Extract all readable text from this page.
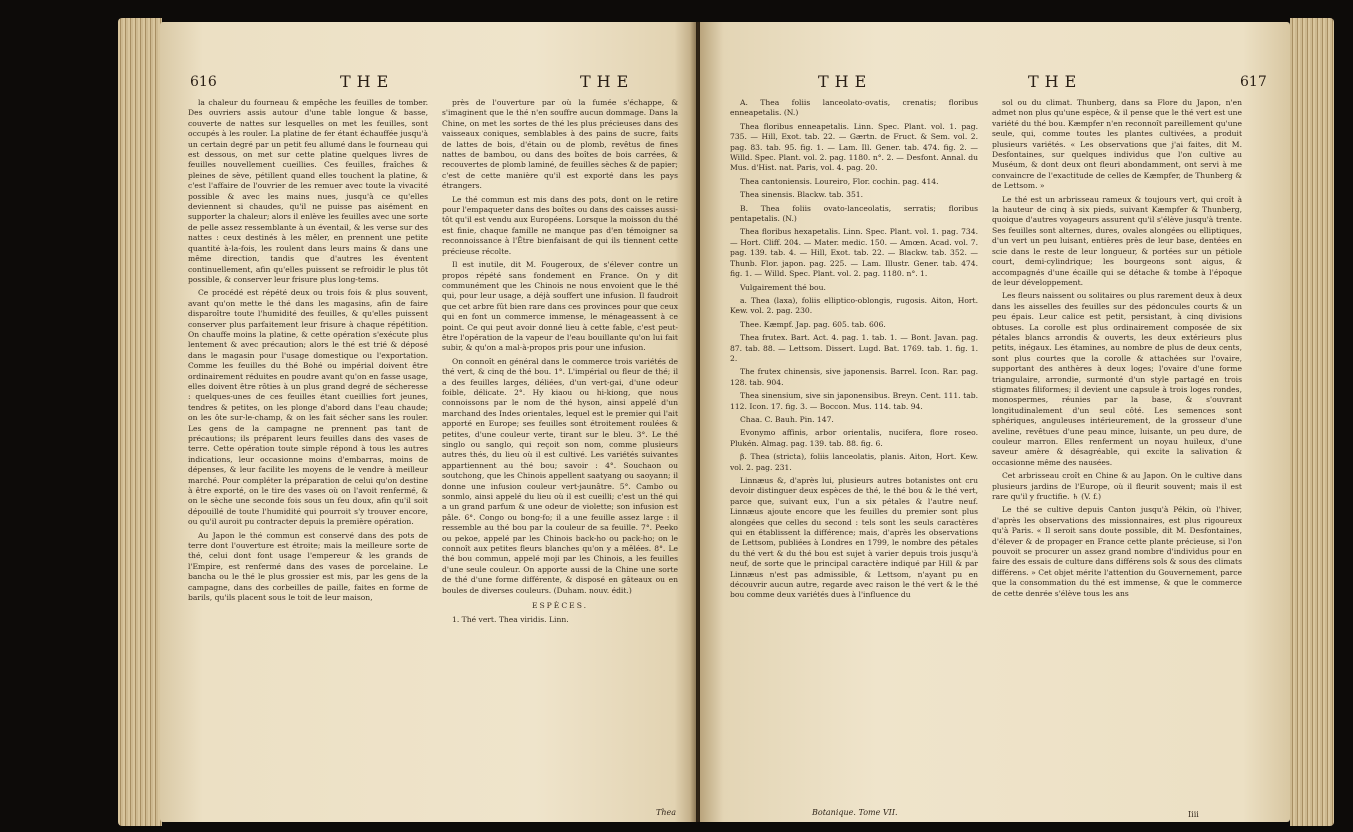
616	THE	THE

la chaleur du fourneau & empêche les feuilles de tomber. Des ouvriers assis autour d'une table longue & basse, couverte de nattes sur lesquelles on met les feuilles, sont occupés à les rouler. La platine de fer étant échauffée jusqu'à un certain degré par un petit feu allumé dans le fourneau qui est dessous, on met sur cette platine quelques livres de feuilles nouvellement cueillies. Ces feuilles, fraîches & pleines de sève, pétillent quand elles touchent la platine, & c'est l'affaire de l'ouvrier de les remuer avec toute la vivacité possible & avec les mains nues, jusqu'à ce qu'elles deviennent si chaudes, qu'il ne puisse pas aisément en supporter la chaleur; alors il enlève les feuilles avec une sorte de pelle assez ressemblante à un éventail, & les verse sur des nattes : ceux destinés à les mêler, en prennent une petite quantité à-la-fois, les roulent dans leurs mains & dans une même direction, tandis que d'autres les éventent continuellement, afin qu'elles puissent se refroidir le plus tôt possible, & conserver leur frisure plus long-tems.

Ce procédé est répété deux ou trois fois & plus souvent, avant qu'on mette le thé dans les magasins, afin de faire disparoître toute l'humidité des feuilles, & qu'elles puissent conserver plus parfaitement leur frisure à chaque répétition. On chauffe moins la platine, & cette opération s'exécute plus lentement & avec précaution; alors le thé est trié & déposé dans le magasin pour l'usage domestique ou l'exportation. Comme les feuilles du thé Bohé ou impérial doivent être ordinairement réduites en poudre avant qu'on en fasse usage, elles doivent être rôties à un plus grand degré de sécheresse : quelques-unes de ces feuilles étant cueillies fort jeunes, tendres & petites, on les plonge d'abord dans l'eau chaude; on les ôte sur-le-champ, & on les fait sécher sans les rouler. Les gens de la campagne ne prennent pas tant de précautions; ils préparent leurs feuilles dans des vases de terre. Cette opération toute simple répond à tous les autres indications, leur occasionne moins d'embarras, moins de dépenses, & leur facilite les moyens de le vendre à meilleur marché. Pour compléter la préparation de celui qu'on destine à être exporté, on le tire des vases où on l'avoit renfermé, & on le sèche une seconde fois sous un feu doux, afin qu'il soit dépouillé de toute l'humidité qui pourroit s'y trouver encore, ou qu'il auroit pu contracter depuis la première opération.

Au Japon le thé commun est conservé dans des pots de terre dont l'ouverture est étroite; mais la meilleure sorte de thé, celui dont font usage l'empereur & les grands de l'Empire, est renfermé dans des vases de porcelaine. Le bancha ou le thé le plus grossier est mis, par les gens de la campagne, dans des corbeilles de paille, faites en forme de barils, qu'ils placent sous le toit de leur maison,

près de l'ouverture par où la fumée s'échappe, & s'imaginent que le thé n'en souffre aucun dommage. Dans la Chine, on met les sortes de thé les plus précieuses dans des vaisseaux coniques, semblables à des pains de sucre, faits de lattes de bois, d'étain ou de plomb, revêtus de fines nattes de bambou, ou dans des boîtes de bois carrées, & recouvertes de plomb laminé, de feuilles sèches & de papier; c'est de cette manière qu'il est exporté dans les pays étrangers.

Le thé commun est mis dans des pots, dont on le retire pour l'empaqueter dans des boîtes ou dans des caisses aussi-tôt qu'il est vendu aux Européens. Lorsque la moisson du thé est finie, chaque famille ne manque pas d'en témoigner sa reconnoissance à l'Être bienfaisant de qui ils tiennent cette précieuse récolte.

Il est inutile, dit M. Fougeroux, de s'élever contre un propos répété sans fondement en France. On y dit communément que les Chinois ne nous envoient que le thé qui, pour leur usage, a déjà souffert une infusion. Il faudroit que cet arbre fût bien rare dans ces provinces pour que ceux qui en font un commerce immense, le ménageassent à ce point. Ce qui peut avoir donné lieu à cette fable, c'est peut-être l'opération de la vapeur de l'eau bouillante qu'on lui fait subir, & qu'on a mal-à-propos pris pour une infusion.

On connoît en général dans le commerce trois variétés de thé vert, & cinq de thé bou. 1°. L'impérial ou fleur de thé; il a des feuilles larges, déliées, d'un vert-gai, d'une odeur foible, délicate. 2°. Hy kiaou ou hi-kiong, que nous connoissons par le nom de thé hyson, ainsi appelé d'un marchand des Indes orientales, lequel est le premier qui l'ait apporté en Europe; ses feuilles sont étroitement roulées & petites, d'une couleur verte, tirant sur le bleu. 3°. Le thé singlo ou sanglo, qui reçoit son nom, comme plusieurs autres thés, du lieu où il est cultivé. Les variétés suivantes appartiennent au thé bou; savoir : 4°. Souchaon ou soutchong, que les Chinois appellent saatyang ou saoyann; il donne une infusion couleur vert-jaunâtre. 5°. Cambo ou sonmlo, ainsi appelé du lieu où il est cueilli; c'est un thé qui a un grand parfum & une odeur de violette; son infusion est pâle. 6°. Congo ou bong-fo; il a une feuille assez large : il ressemble au thé bou par la couleur de sa feuille. 7°. Peeko ou pekoe, appelé par les Chinois back-ho ou pack-ho; on le connoît aux petites fleurs blanches qu'on y a mêlées. 8°. Le thé bou commun, appelé moji par les Chinois, a les feuilles d'une seule couleur. On apporte aussi de la Chine une sorte de thé d'une forme différente, & disposé en gâteaux ou en boules de diverses couleurs. (Duham. nouv. édit.)

ESPÈCES.

1. Thé vert. Thea viridis. Linn.

Thea
THE	THE	617

A. Thea foliis lanceolato-ovatis, crenatis; floribus enneapetalis. (N.)

Thea floribus enneapetalis. Linn. Spec. Plant. vol. 1. pag. 735. — Hill, Exot. tab. 22. — Gærtn. de Fruct. & Sem. vol. 2. pag. 83. tab. 95. fig. 1. — Lam. Ill. Gener. tab. 474. fig. 2. — Willd. Spec. Plant. vol. 2. pag. 1180. n°. 2. — Desfont. Annal. du Mus. d'Hist. nat. Paris, vol. 4. pag. 20.

Thea cantoniensis. Loureiro, Flor. cochin. pag. 414.

Thea sinensis. Blackw. tab. 351.

B. Thea foliis ovato-lanceolatis, serratis; floribus pentapetalis. (N.)

Thea floribus hexapetalis. Linn. Spec. Plant. vol. 1. pag. 734. — Hort. Cliff. 204. — Mater. medic. 150. — Amœn. Acad. vol. 7. pag. 139. tab. 4. — Hill, Exot. tab. 22. — Blackw. tab. 352. — Thunb. Flor. japon. pag. 225. — Lam. Illustr. Gener. tab. 474. fig. 1. — Willd. Spec. Plant. vol. 2. pag. 1180. n°. 1.

Vulgairement thé bou.

a. Thea (laxa), foliis elliptico-oblongis, rugosis. Aiton, Hort. Kew. vol. 2. pag. 230.

Thee. Kæmpf. Jap. pag. 605. tab. 606.

Thea frutex. Bart. Act. 4. pag. 1. tab. 1. — Bont. Javan. pag. 87. tab. 88. — Lettsom. Dissert. Lugd. Bat. 1769. tab. 1. fig. 1. 2.

The frutex chinensis, sive japonensis. Barrel. Icon. Rar. pag. 128. tab. 904.

Thea sinensium, sive sin japonensibus. Breyn. Cent. 111. tab. 112. Icon. 17. fig. 3. — Boccon. Mus. 114. tab. 94.

Chaa. C. Bauh. Pin. 147.

Evonymo affinis, arbor orientalis, nucifera, flore roseo. Plukén. Almag. pag. 139. tab. 88. fig. 6.

β. Thea (stricta), foliis lanceolatis, planis. Aiton, Hort. Kew. vol. 2. pag. 231.

Linnæus &, d'après lui, plusieurs autres botanistes ont cru devoir distinguer deux espèces de thé, le thé bou & le thé vert, parce que, suivant eux, l'un a six pétales & l'autre neuf. Linnæus ajoute encore que les feuilles du premier sont plus alongées que celles du second : tels sont les seuls caractères qui en établissent la différence; mais, d'après les observations de Lettsom, publiées à Londres en 1799, le nombre des pétales du thé vert & du thé bou est sujet à varier depuis trois jusqu'à neuf, de sorte que le principal caractère indiqué par Hill & par Linnæus n'est pas admissible, & Lettsom, n'ayant pu en découvrir aucun autre, regarde avec raison le thé vert & le thé bou comme deux variétés dues à l'influence du

Botanique. Tome VII.

sol ou du climat. Thunberg, dans sa Flore du Japon, n'en admet non plus qu'une espèce, & il pense que le thé vert est une variété du thé bou. Kæmpfer n'en reconnoît pareillement qu'une seule, qui, comme toutes les plantes cultivées, a produit plusieurs variétés. « Les observations que j'ai faites, dit M. Desfontaines, sur quelques individus que l'on cultive au Muséum, & dont deux ont fleuri abondamment, ont servi à me convaincre de l'exactitude de celles de Kæmpfer, de Thunberg & de Lettsom. »

Le thé est un arbrisseau rameux & toujours vert, qui croît à la hauteur de cinq à six pieds, suivant Kæmpfer & Thunberg, quoique d'autres voyageurs assurent qu'il s'élève jusqu'à trente. Ses feuilles sont alternes, dures, ovales alongées ou elliptiques, d'un vert un peu luisant, entières près de leur base, dentées en scie dans le reste de leur longueur, & portées sur un pétiole court, demi-cylindrique; les bourgeons sont aigus, & accompagnés d'une écaille qui se détache & tombe à l'époque de leur développement.

Les fleurs naissent ou solitaires ou plus rarement deux à deux dans les aisselles des feuilles sur des pédoncules courts & un peu épais. Leur calice est petit, persistant, à cinq divisions obtuses. La corolle est plus ordinairement composée de six pétales blancs arrondis & ouverts, les deux extérieurs plus petits, inégaux. Les étamines, au nombre de plus de deux cents, sont plus courtes que la corolle & attachées sur l'ovaire, supportant des anthères à deux loges; l'ovaire d'une forme triangulaire, arrondie, surmonté d'un style partagé en trois stigmates filiformes; il devient une capsule à trois loges rondes, monospermes, réunies par la base, & s'ouvrant longitudinalement d'un seul côté. Les semences sont sphériques, anguleuses intérieurement, de la grosseur d'une aveline, revêtues d'une peau mince, luisante, un peu dure, de couleur marron. Elles renferment un noyau huileux, d'une saveur amère & désagréable, qui excite la salivation & occasionne même des nausées.

Cet arbrisseau croît en Chine & au Japon. On le cultive dans plusieurs jardins de l'Europe, où il fleurit souvent; mais il est rare qu'il y fructifie. ♄ (V. f.)

Le thé se cultive depuis Canton jusqu'à Pékin, où l'hiver, d'après les observations des missionnaires, est plus rigoureux qu'à Paris. « Il seroit sans doute possible, dit M. Desfontaines, d'élever & de propager en France cette plante précieuse, si l'on pouvoit se procurer un assez grand nombre d'individus pour en faire des essais de culture dans différens sols & sous des climats différens. » Cet objet mérite l'attention du Gouvernement, parce que la consommation du thé est immense, & que le commerce de cette denrée s'élève tous les ans

Iiii
